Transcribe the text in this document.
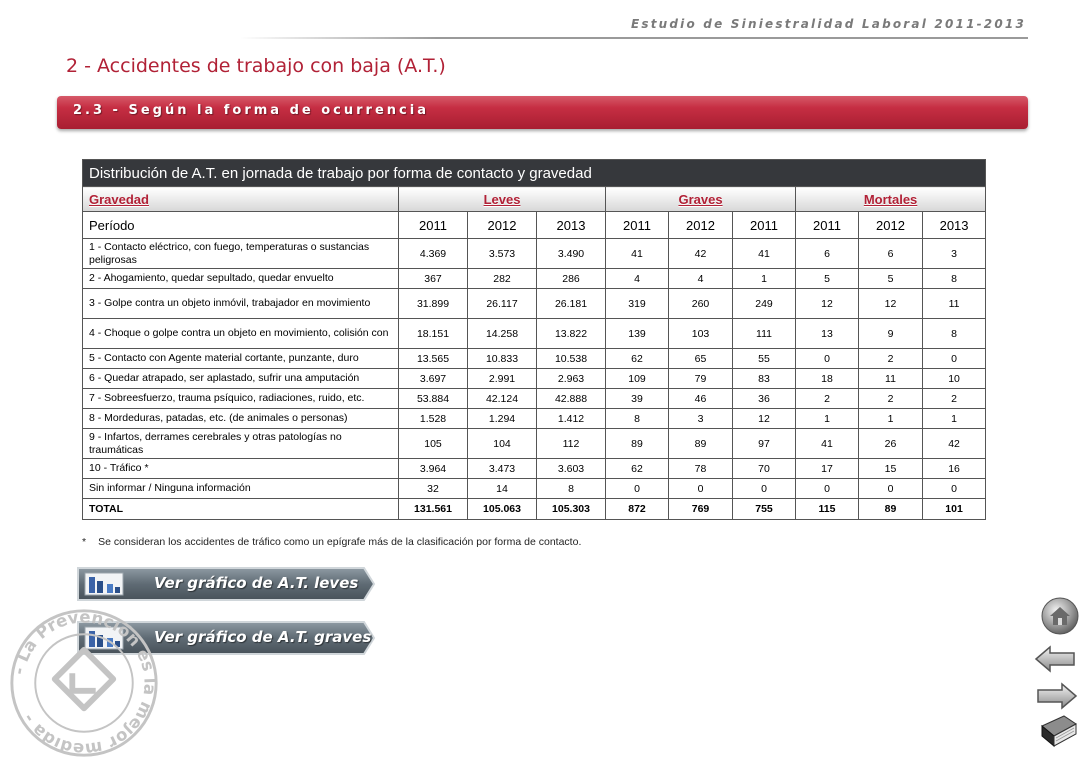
Estudio de Siniestralidad Laboral 2011-2013
2 - Accidentes de trabajo con baja (A.T.)
2.3 - Según la forma de ocurrencia
Distribución de A.T. en jornada de trabajo por forma de contacto y gravedad									
Gravedad	Leves			Graves			Mortales		
Período	2011	2012	2013	2011	2012	2011	2011	2012	2013
1 - Contacto eléctrico, con fuego, temperaturas o sustancias peligrosas	4.369	3.573	3.490	41	42	41	6	6	3
2 - Ahogamiento, quedar sepultado, quedar envuelto	367	282	286	4	4	1	5	5	8
3 - Golpe contra un objeto inmóvil, trabajador en movimiento	31.899	26.117	26.181	319	260	249	12	12	11
4 - Choque o golpe contra un objeto en movimiento, colisión con	18.151	14.258	13.822	139	103	111	13	9	8
5 - Contacto con Agente material cortante, punzante, duro	13.565	10.833	10.538	62	65	55	0	2	0
6 - Quedar atrapado, ser aplastado, sufrir una amputación	3.697	2.991	2.963	109	79	83	18	11	10
7 - Sobreesfuerzo, trauma psíquico, radiaciones, ruido, etc.	53.884	42.124	42.888	39	46	36	2	2	2
8 - Mordeduras, patadas, etc. (de animales o personas)	1.528	1.294	1.412	8	3	12	1	1	1
9 - Infartos, derrames cerebrales y otras patologías no traumáticas	105	104	112	89	89	97	41	26	42
10 - Tráfico *	3.964	3.473	3.603	62	78	70	17	15	16
Sin informar / Ninguna información	32	14	8	0	0	0	0	0	0
TOTAL	131.561	105.063	105.303	872	769	755	115	89	101
* Se consideran los accidentes de tráfico como un epígrafe más de la clasificación por forma de contacto.
Ver gráfico de A.T. leves
Ver gráfico de A.T. graves
- La Prevención es la mejor medida -
